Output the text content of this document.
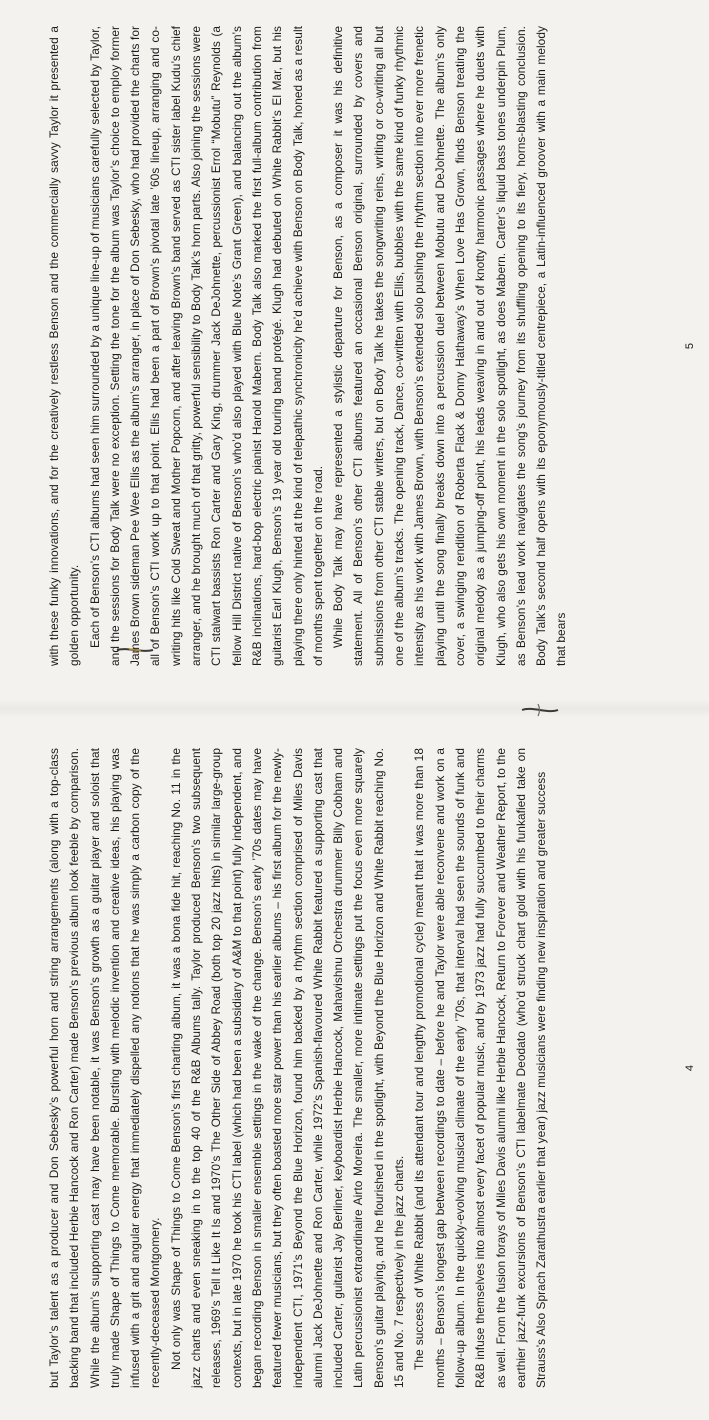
with these funky innovations, and for the creatively restless Benson and the commercially savvy Taylor it presented a golden opportunity. Each of Benson’s CTI albums had seen him surrounded by a unique line-up of musicians carefully selected by Taylor, and the sessions for Body Talk were no exception. Setting the tone for the album was Taylor’s choice to employ former James Brown sideman Pee Wee Ellis as the album’s arranger, in place of Don Sebesky, who had provided the charts for all of Benson’s CTI work up to that point. Ellis had been a part of Brown’s pivotal late ’60s lineup, arranging and co-writing hits like Cold Sweat and Mother Popcorn, and after leaving Brown’s band served as CTI sister label Kudu’s chief arranger, and he brought much of that gritty, powerful sensibility to Body Talk’s horn parts. Also joining the sessions were CTI stalwart bassists Ron Carter and Gary King, drummer Jack DeJohnette, percussionist Errol “Mobutu” Reynolds (a fellow Hill District native of Benson’s who’d also played with Blue Note’s Grant Green), and balancing out the album’s R&B inclinations, hard-bop electric pianist Harold Mabern. Body Talk also marked the first full-album contribution from guitarist Earl Klugh, Benson’s 19 year old touring band protégé. Klugh had debuted on White Rabbit’s El Mar, but his playing there only hinted at the kind of telepathic synchronicity he’d achieve with Benson on Body Talk, honed as a result of months spent together on the road. While Body Talk may have represented a stylistic departure for Benson, as a composer it was his definitive statement. All of Benson’s other CTI albums featured an occasional Benson original, surrounded by covers and submissions from other CTI stable writers, but on Body Talk he takes the songwriting reins, writing or co-writing all but one of the album’s tracks. The opening track, Dance, co-written with Ellis, bubbles with the same kind of funky rhythmic intensity as his work with James Brown, with Benson’s extended solo pushing the rhythm section into ever more frenetic playing until the song finally breaks down into a percussion duel between Mobutu and DeJohnette. The album’s only cover, a swinging rendition of Roberta Flack & Donny Hathaway’s When Love Has Grown, finds Benson treating the original melody as a jumping-off point, his leads weaving in and out of knotty harmonic passages where he duets with Klugh, who also gets his own moment in the solo spotlight, as does Mabern. Carter’s liquid bass tones underpin Plum, as Benson’s lead work navigates the song’s journey from its shuffling opening to its fiery, horns-blasting conclusion. Body Talk’s second half opens with its eponymously-titled centrepiece, a Latin-influenced groover with a main melody that bears

5

but Taylor’s talent as a producer and Don Sebesky’s powerful horn and string arrangements (along with a top-class backing band that included Herbie Hancock and Ron Carter) made Benson’s previous album look feeble by comparison. While the album’s supporting cast may have been notable, it was Benson’s growth as a guitar player and soloist that truly made Shape of Things to Come memorable. Bursting with melodic invention and creative ideas, his playing was infused with a grit and angular energy that immediately dispelled any notions that he was simply a carbon copy of the recently-deceased Montgomery. Not only was Shape of Things to Come Benson’s first charting album, it was a bona fide hit, reaching No. 11 in the jazz charts and even sneaking in to the top 40 of the R&B Albums tally. Taylor produced Benson’s two subsequent releases, 1969’s Tell It Like It Is and 1970’s The Other Side of Abbey Road (both top 20 jazz hits) in similar large-group contexts, but in late 1970 he took his CTI label (which had been a subsidiary of A&M to that point) fully independent, and began recording Benson in smaller ensemble settings in the wake of the change. Benson’s early ’70s dates may have featured fewer musicians, but they often boasted more star power than his earlier albums – his first album for the newly-independent CTI, 1971’s Beyond the Blue Horizon, found him backed by a rhythm section comprised of Miles Davis alumni Jack DeJohnette and Ron Carter, while 1972’s Spanish-flavoured White Rabbit featured a supporting cast that included Carter, guitarist Jay Berliner, keyboardist Herbie Hancock, Mahavishnu Orchestra drummer Billy Cobham and Latin percussionist extraordinaire Airto Moreira. The smaller, more intimate settings put the focus even more squarely Benson’s guitar playing, and he flourished in the spotlight, with Beyond the Blue Horizon and White Rabbit reaching No. 15 and No. 7 respectively in the jazz charts. The success of White Rabbit (and its attendant tour and lengthy promotional cycle) meant that it was more than 18 months – Benson’s longest gap between recordings to date – before he and Taylor were able reconvene and work on a follow-up album. In the quickly-evolving musical climate of the early ’70s, that interval had seen the sounds of funk and R&B infuse themselves into almost every facet of popular music, and by 1973 jazz had fully succumbed to their charms as well. From the fusion forays of Miles Davis alumni like Herbie Hancock, Return to Forever and Weather Report, to the earthier jazz-funk excursions of Benson’s CTI labelmate Deodato (who’d struck chart gold with his funkafied take on Strauss’s Also Sprach Zarathustra earlier that year) jazz musicians were finding new inspiration and greater success	4
